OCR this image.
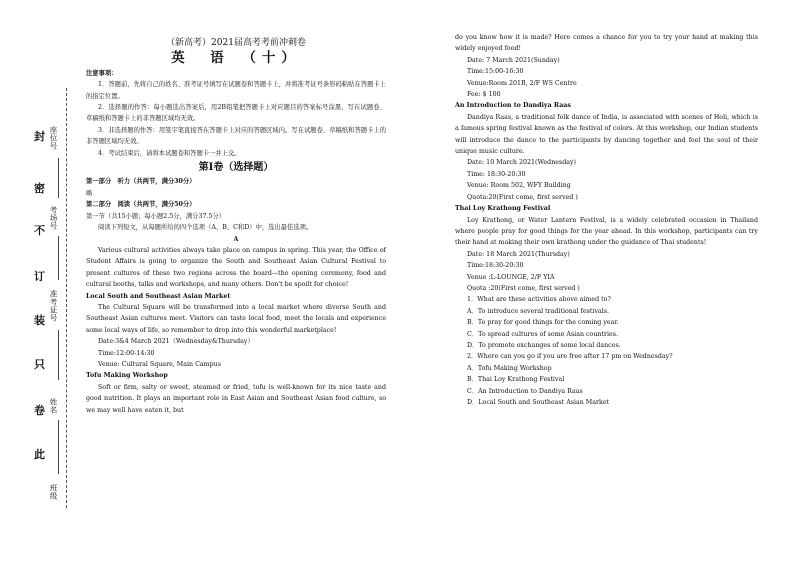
封
密
不
订
装
只
卷
此
座位号
考场号
准考证号
姓名
班级
（新高考）2021届高考考前冲刺卷
英　语　（十）

注意事项：

1．答题前，先将自己的姓名、准考证号填写在试题卷和答题卡上，并将准考证号条形码粘贴在答题卡上的指定位置。

2．选择题的作答：每小题选出答案后，用2B铅笔把答题卡上对应题目的答案标号涂黑，写在试题卷、草稿纸和答题卡上的非答题区域均无效。

3．非选择题的作答：用签字笔直接答在答题卡上对应的答题区域内。写在试题卷、草稿纸和答题卡上的非答题区域均无效。

4．考试结束后，请将本试题卷和答题卡一并上交。

第Ⅰ卷（选择题）

第一部分　听力（共两节，满分30分）

略

第二部分　阅读（共两节，满分50分）

第一节（共15小题；每小题2.5分，满分37.5分）

阅读下列短文，从每题所给的四个选项（A、B、C和D）中，选出最佳选项。

A

Various cultural activities always take place on campus in spring. This year, the Office of Student Affairs is going to organize the South and Southeast Asian Cultural Festival to present cultures of these two regions across the board—the opening ceremony, food and cultural booths, talks and workshops, and many others. Don't be spoilt for choice!

Local South and Southeast Asian Market

The Cultural Square will be transformed into a local market where diverse South and Southeast Asian cultures meet. Visitors can taste local food, meet the locals and experience some local ways of life, so remember to drop into this wonderful marketplace!

Date:3&4 March 2021（Wednesday&Thursday）

Time:12:00-14:30

Venue: Cultural Square, Main Campus

Tofu Making Workshop

Soft or firm, salty or sweet, steamed or fried, tofu is well-known for its nice taste and good nutrition. It plays an important role in East Asian and Southeast Asian food culture, so we may well have eaten it, but

do you know how it is made? Here comes a chance for you to try your hand at making this widely enjoyed food!

Date: 7 March 2021(Sunday)

Time:15:00-16:30

Venue:Room 201B, 2/F WS Centre

Fee: $ 100

An Introduction to Dandiya Raas

Dandiya Raas, a traditional folk dance of India, is associated with scenes of Holi, which is a famous spring festival known as the festival of colors. At this workshop, our Indian students will introduce the dance to the participants by dancing together and feel the soul of their unique music culture.

Date: 10 March 2021(Wednesday)

Time: 18:30-20:30

Venue: Room 502, WFY Building

Quota:20(First come, first served )

Thai Loy Krathong Festival

Loy Krathong, or Water Lantern Festival, is a widely celebrated occasion in Thailand where people pray for good things for the year ahead. In this workshop, participants can try their hand at making their own krathong under the guidance of Thai students!

Date: 18 March 2021(Thursday)

Time:18:30-20:30

Venue :L-LOUNGE, 2/F YIA

Quota :20(First come, first served )

1．What are these activities above aimed to?

A．To introduce several traditional festivals.

B．To pray for good things for the coming year.

C．To spread cultures of some Asian countries.

D．To promote exchanges of some local dances.

2．Where can you go if you are free after 17 pm on Wednesday?

A．Tofu Making Workshop

B．Thai Loy Krathong Festival

C．An Introduction to Dandiya Raas

D．Local South and Southeast Asian Market
